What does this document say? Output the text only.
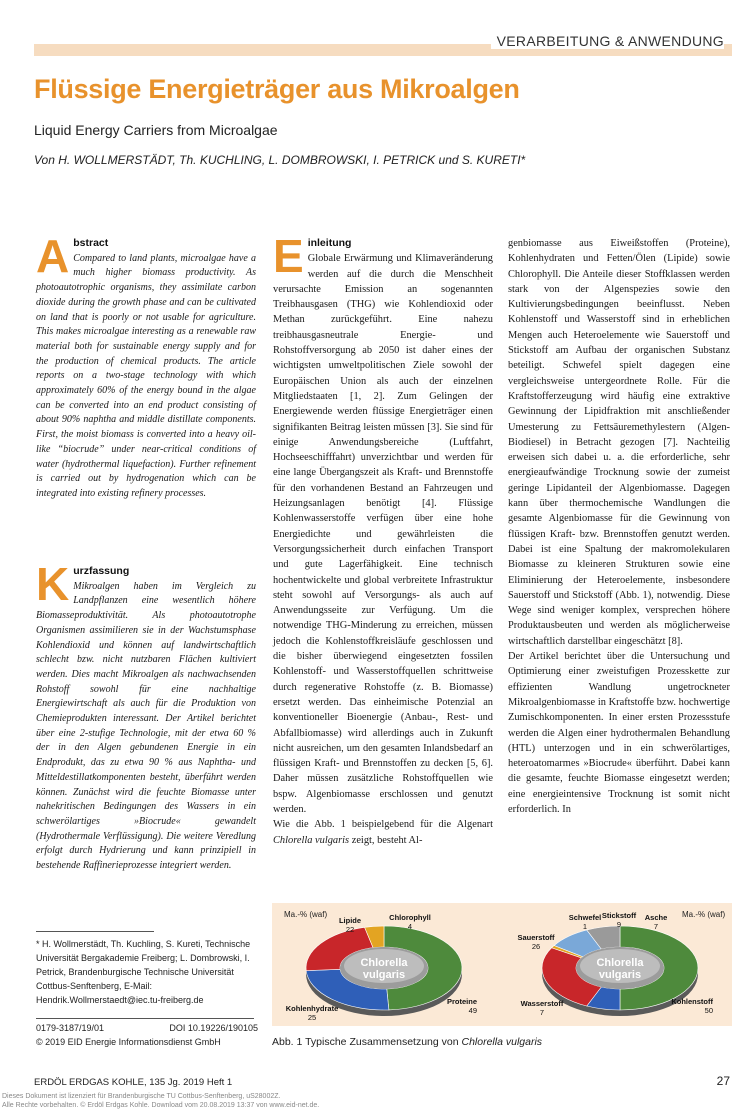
VERARBEITUNG & ANWENDUNG
Flüssige Energieträger aus Mikroalgen
Liquid Energy Carriers from Microalgae
Von H. WOLLMERSTÄDT, Th. KUCHLING, L. DOMBROWSKI, I. PETRICK und S. KURETI*
A bstract
Compared to land plants, microalgae have a much higher biomass productivity. As photoautotrophic organisms, they assimilate carbon dioxide during the growth phase and can be cultivated on land that is poorly or not usable for agriculture. This makes microalgae interesting as a renewable raw material both for sustainable energy supply and for the production of chemical products. The article reports on a two-stage technology with which approximately 60% of the energy bound in the algae can be converted into an end product consisting of about 90% naphtha and middle distillate components. First, the moist biomass is converted into a heavy oil-like “biocrude” under near-critical conditions of water (hydrothermal liquefaction). Further refinement is carried out by hydrogenation which can be integrated into existing refinery processes.
K urzfassung
Mikroalgen haben im Vergleich zu Landpflanzen eine wesentlich höhere Biomasseproduktivität. Als photoautotrophe Organismen assimilieren sie in der Wachstumsphase Kohlendioxid und können auf landwirtschaftlich schlecht bzw. nicht nutzbaren Flächen kultiviert werden. Dies macht Mikroalgen als nachwachsenden Rohstoff sowohl für eine nachhaltige Energiewirtschaft als auch für die Produktion von Chemieprodukten interessant. Der Artikel berichtet über eine 2-stufige Technologie, mit der etwa 60 % der in den Algen gebundenen Energie in ein Endprodukt, das zu etwa 90 % aus Naphtha- und Mitteldestillatkomponenten besteht, überführt werden können. Zunächst wird die feuchte Biomasse unter nahekritischen Bedingungen des Wassers in ein schweröl​artiges »Biocrude« gewandelt (Hydrothermale Verflüssigung). Die weitere Veredlung erfolgt durch Hydrierung und kann prinzipiell in bestehende Raffinerieprozesse integriert werden.
E inleitung
Globale Erwärmung und Klimaveränderung werden auf die durch die Menschheit verursachte Emission an sogenannten Treibhausgasen (THG) wie Kohlendioxid oder Methan zurückgeführt. Eine nahezu treibhausgasneutrale Energie- und Rohstoffversorgung ab 2050 ist daher eines der wichtigsten umweltpolitischen Ziele sowohl der Europäischen Union als auch der einzelnen Mitgliedstaaten [1, 2]. Zum Gelingen der Energiewende werden flüssige Energieträger einen signifikanten Beitrag leisten müssen [3]. Sie sind für einige Anwendungsbereiche (Luftfahrt, Hochseeschifffahrt) unverzichtbar und werden für eine lange Übergangszeit als Kraft- und Brennstoffe für den vorhandenen Bestand an Fahrzeugen und Heizungsanlagen benötigt [4]. Flüssige Kohlenwasserstoffe verfügen über eine hohe Energiedichte und gewährleisten die Versorgungssicherheit durch einfachen Transport und gute Lagerfähigkeit. Eine technisch hochentwickelte und global verbreitete Infrastruktur steht sowohl auf Versorgungs- als auch auf Anwendungsseite zur Verfügung. Um die notwendige THG-Minderung zu erreichen, müssen jedoch die Kohlenstoffkreisläufe geschlossen und die bisher überwiegend eingesetzten fossilen Kohlenstoff- und Wasserstoffquellen schrittweise durch regenerative Rohstoffe (z. B. Biomasse) ersetzt werden. Das einheimische Potenzial an konventioneller Bioenergie (Anbau-, Rest- und Abfallbiomasse) wird allerdings auch in Zukunft nicht ausreichen, um den gesamten Inlandsbedarf an flüssigen Kraft- und Brennstoffen zu decken [5, 6]. Daher müssen zusätzliche Rohstoffquellen wie bspw. Algenbiomasse erschlossen und genutzt werden.

Wie die Abb. 1 beispielgebend für die Algenart Chlorella vulgaris zeigt, besteht Al-

genbiomasse aus Eiweißstoffen (Proteine), Kohlenhydraten und Fetten/Ölen (Lipide) sowie Chlorophyll. Die Anteile dieser Stoffklassen werden stark von der Algenspezies sowie den Kultivierungsbedingungen beeinflusst. Neben Kohlenstoff und Wasserstoff sind in erheblichen Mengen auch Heteroelemente wie Sauerstoff und Stickstoff am Aufbau der organischen Substanz beteiligt. Schwefel spielt dagegen eine vergleichsweise untergeordnete Rolle. Für die Kraftstofferzeugung wird häufig eine extraktive Gewinnung der Lipidfraktion mit anschließender Umesterung zu Fettsäuremethylestern (Algen-Biodiesel) in Betracht gezogen [7]. Nachteilig erweisen sich dabei u. a. die erforderliche, sehr energieaufwändige Trocknung sowie der zumeist geringe Lipidanteil der Algenbiomasse. Dagegen kann über thermochemische Wandlungen die gesamte Algenbiomasse für die Gewinnung von flüssigen Kraft- bzw. Brennstoffen genutzt werden. Dabei ist eine Spaltung der makromolekularen Biomasse zu kleineren Strukturen sowie eine Eliminierung der Heteroelemente, insbesondere Sauerstoff und Stickstoff (Abb. 1), notwendig. Diese Wege sind weniger komplex, versprechen höhere Produktausbeuten und werden als möglicherweise wirtschaftlich darstellbar eingeschätzt [8].

Der Artikel berichtet über die Untersuchung und Optimierung einer zweistufigen Prozesskette zur effizienten Wandlung ungetrockneter Mikroalgenbiomasse in Kraftstoffe bzw. hochwertige Zumischkomponenten. In einer ersten Prozessstufe werden die Algen einer hydrothermalen Behandlung (HTL) unterzogen und in ein schwerölartiges, heteroatomarmes »Biocrude« überführt. Dabei kann die gesamte, feuchte Biomasse eingesetzt werden; eine energieintensive Trocknung ist somit nicht erforderlich. In

* H. Wollmerstädt, Th. Kuchling, S. Kureti, Technische Universität Bergakademie Freiberg; L. Dombrowski, I. Petrick, Brandenburgische Technische Universität Cottbus-Senftenberg, E-Mail: Hendrik.Wollmerstaedt@iec.tu-freiberg.de
0179-3187/19/01	DOI 10.19226/190105

© 2019 EID Energie Informationsdienst GmbH
Ma.-% (waf)	Ma.-% (waf)
Chlorella
vulgaris
Proteine
49
Kohlenhydrate
25
Lipide
22
Chlorophyll
4
Chlorella
vulgaris
Kohlenstoff
50
Wasserstoff
7
Sauerstoff
26
Schwefel
1
Stickstoff
9
Asche
7
Abb. 1 Typische Zusammensetzung von Chlorella vulgaris
ERDÖL ERDGAS KOHLE, 135 Jg. 2019 Heft 1	27
Dieses Dokument ist lizenziert für Brandenburgische TU Cottbus-Senftenberg, uS28002Z.
Alle Rechte vorbehalten. © Erdöl Erdgas Kohle. Download vom 20.08.2019 13:37 von www.eid-net.de.
